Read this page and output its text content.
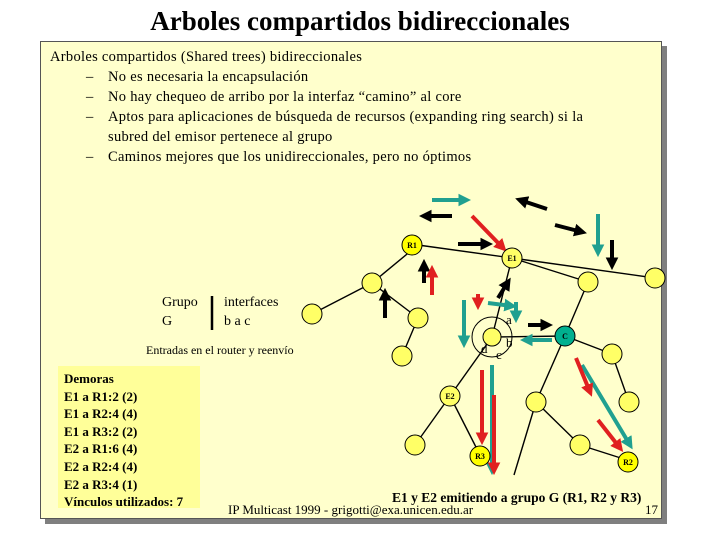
Arboles compartidos bidireccionales
Arboles compartidos (Shared trees) bidireccionales
– No es necesaria la encapsulación
– No hay chequeo de arribo por la interfaz “camino” al core
– Aptos para aplicaciones de búsqueda de recursos (expanding ring search) si la
subred del emisor pertenece al grupo
– Caminos mejores que los unidireccionales, pero no óptimos
Demoras
E1 a R1:2 (2)
E1 a R2:4 (4)
E1 a R3:2 (2)
E2 a R1:6 (4)
E2 a R2:4 (4)
E2 a R3:4 (1)
Vínculos utilizados: 7
Grupo interfaces
G	b a c
Entradas en el router y reenvío
R1
E1
C
E2
R3
R2
a
b
c
d
E1 y E2 emitiendo a grupo G (R1, R2 y R3)
IP Multicast 1999 - grigotti@exa.unicen.edu.ar	17
